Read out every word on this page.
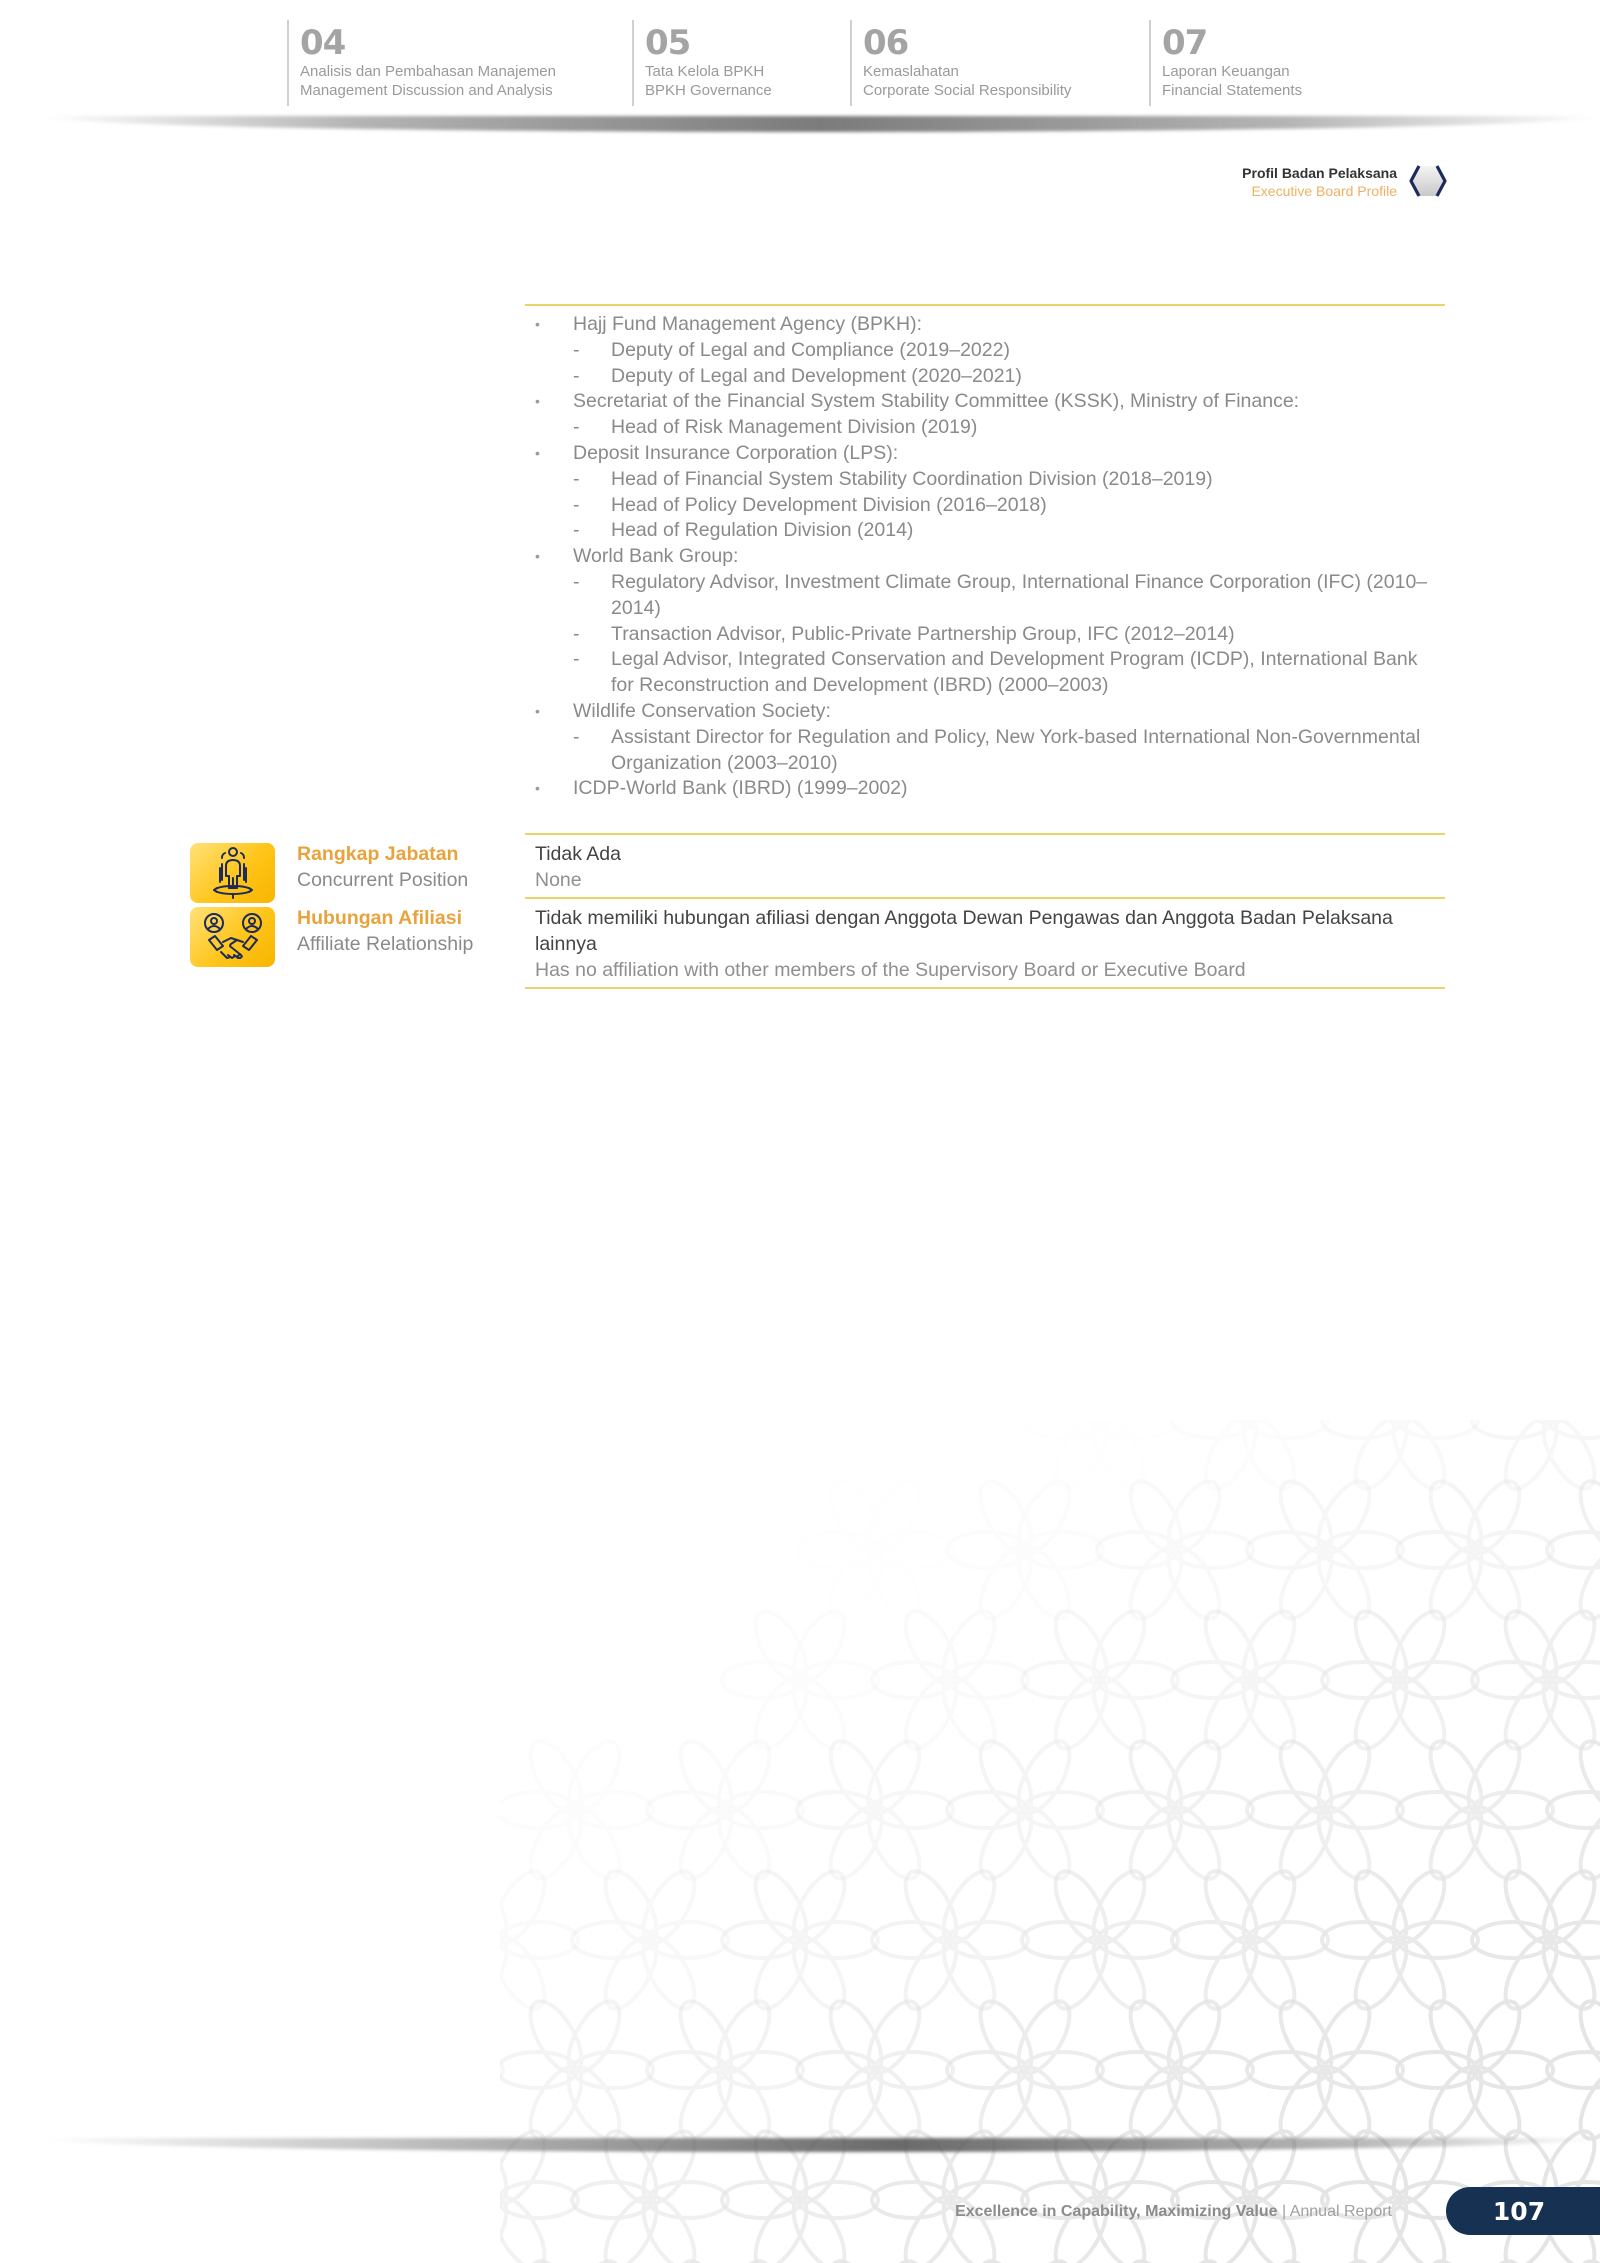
04
Analisis dan Pembahasan Manajemen
Management Discussion and Analysis
05
Tata Kelola BPKH
BPKH Governance
06
Kemaslahatan
Corporate Social Responsibility
07
Laporan Keuangan
Financial Statements
Profil Badan Pelaksana
Executive Board Profile
• Hajj Fund Management Agency (BPKH):
- Deputy of Legal and Compliance (2019–2022)
- Deputy of Legal and Development (2020–2021)
• Secretariat of the Financial System Stability Committee (KSSK), Ministry of Finance:
- Head of Risk Management Division (2019)
• Deposit Insurance Corporation (LPS):
- Head of Financial System Stability Coordination Division (2018–2019)
- Head of Policy Development Division (2016–2018)
- Head of Regulation Division (2014)
• World Bank Group:
- Regulatory Advisor, Investment Climate Group, International Finance Corporation (IFC) (2010–2014)
- Transaction Advisor, Public-Private Partnership Group, IFC (2012–2014)
- Legal Advisor, Integrated Conservation and Development Program (ICDP), International Bank for Reconstruction and Development (IBRD) (2000–2003)
• Wildlife Conservation Society:
- Assistant Director for Regulation and Policy, New York-based International Non-Governmental Organization (2003–2010)
• ICDP-World Bank (IBRD) (1999–2002)
Rangkap Jabatan
Concurrent Position
Tidak Ada
None
Hubungan Afiliasi
Affiliate Relationship
Tidak memiliki hubungan afiliasi dengan Anggota Dewan Pengawas dan Anggota Badan Pelaksana lainnya
Has no affiliation with other members of the Supervisory Board or Executive Board
Excellence in Capability, Maximizing Value | Annual Report	107
